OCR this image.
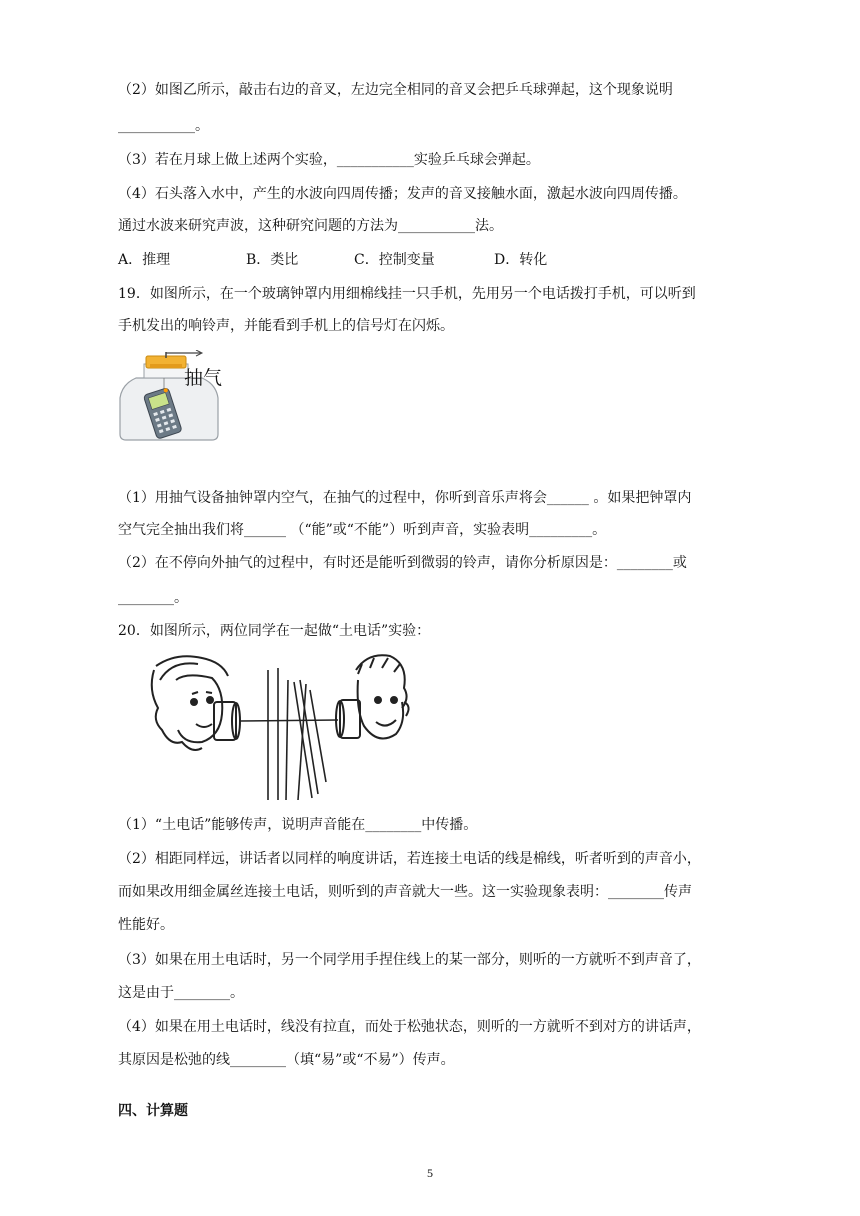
（2）如图乙所示，敲击右边的音叉，左边完全相同的音叉会把乒乓球弹起，这个现象说明
___________。
（3）若在月球上做上述两个实验，___________实验乒乓球会弹起。
（4）石头落入水中，产生的水波向四周传播；发声的音叉接触水面，激起水波向四周传播。
通过水波来研究声波，这种研究问题的方法为___________法。
A．推理	B．类比	C．控制变量	D．转化
19．如图所示，在一个玻璃钟罩内用细棉线挂一只手机，先用另一个电话拨打手机，可以听到
手机发出的响铃声，并能看到手机上的信号灯在闪烁。
抽气
（1）用抽气设备抽钟罩内空气，在抽气的过程中，你听到音乐声将会______ 。如果把钟罩内
空气完全抽出我们将______ （“能”或“不能”）听到声音，实验表明_________。
（2）在不停向外抽气的过程中，有时还是能听到微弱的铃声，请你分析原因是：________或
________。
20．如图所示，两位同学在一起做“土电话”实验：
（1）“土电话”能够传声，说明声音能在________中传播。
（2）相距同样远，讲话者以同样的响度讲话，若连接土电话的线是棉线，听者听到的声音小，
而如果改用细金属丝连接土电话，则听到的声音就大一些。这一实验现象表明：________传声
性能好。
（3）如果在用土电话时，另一个同学用手捏住线上的某一部分，则听的一方就听不到声音了，
这是由于________。
（4）如果在用土电话时，线没有拉直，而处于松弛状态，则听的一方就听不到对方的讲话声，
其原因是松弛的线________（填“易”或“不易”）传声。
四、计算题
5
